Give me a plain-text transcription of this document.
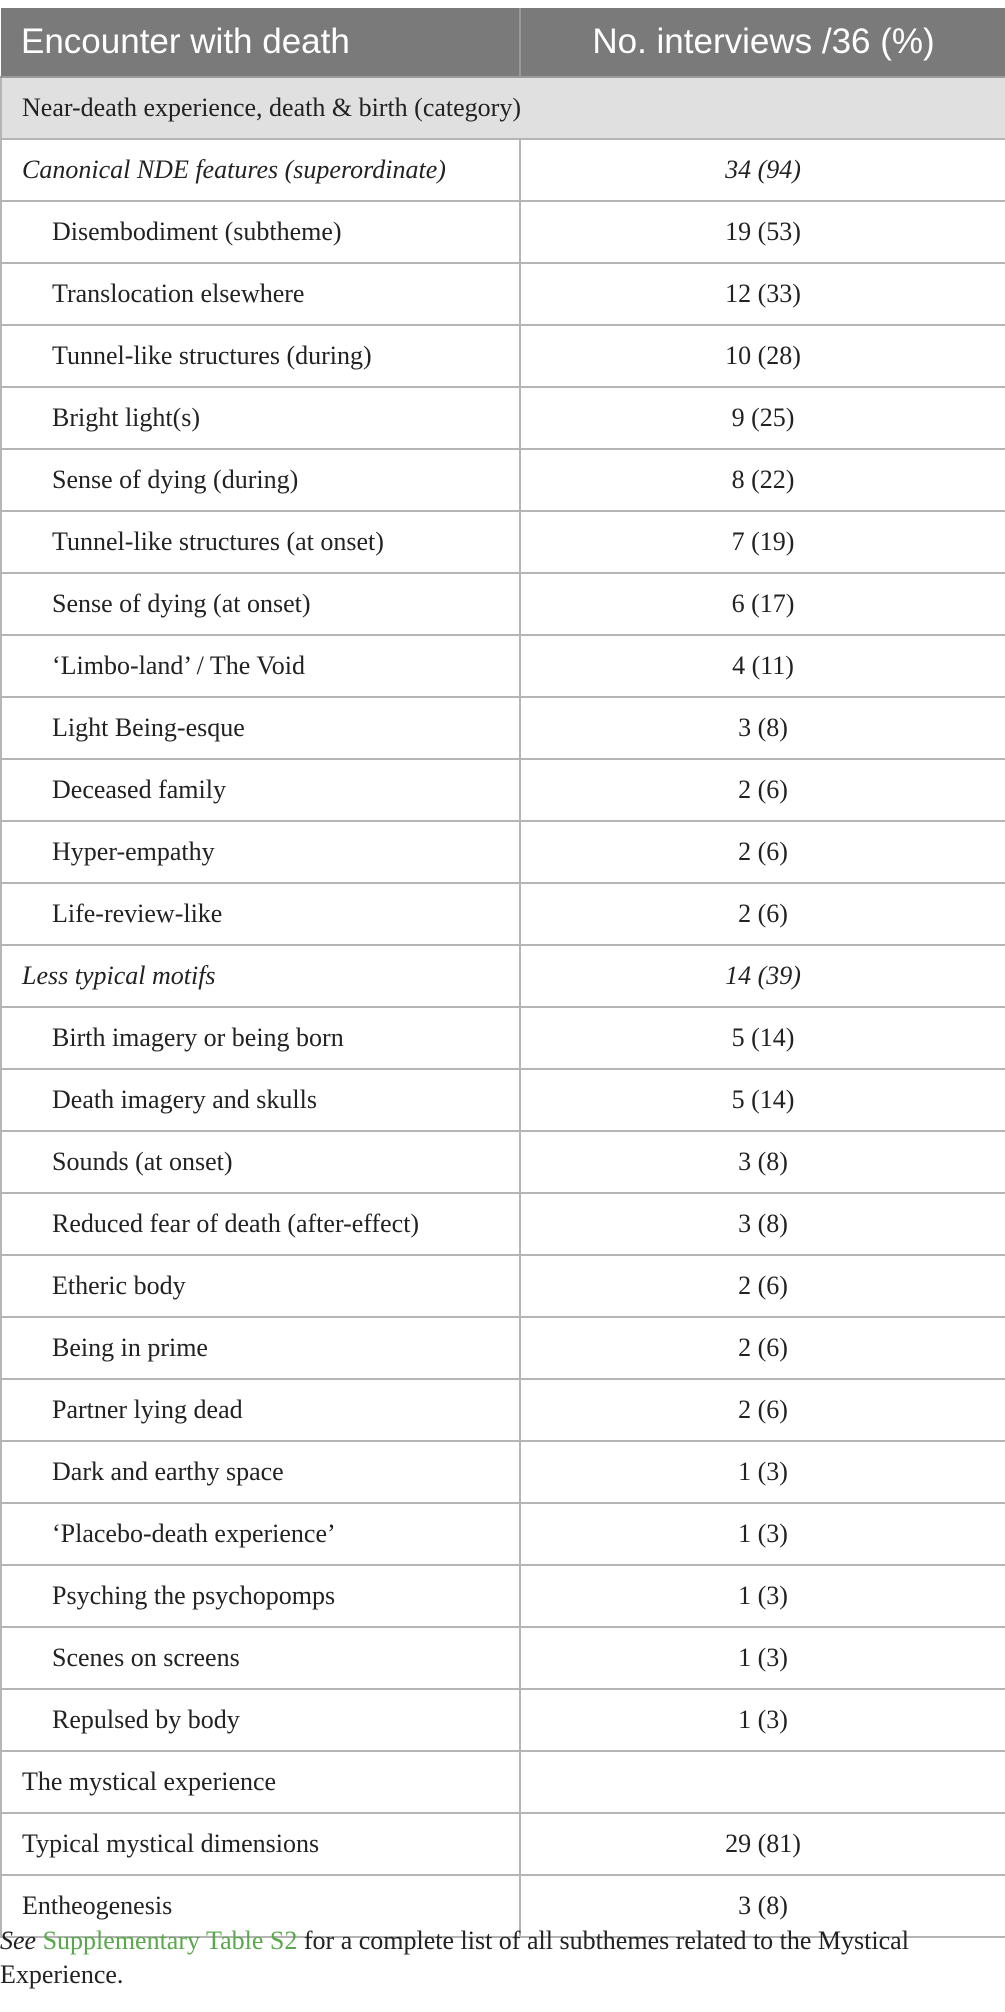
Encounter with death	No. interviews /36 (%)
Near-death experience, death & birth (category)	
Canonical NDE features (superordinate)	34 (94)
Disembodiment (subtheme)	19 (53)
Translocation elsewhere	12 (33)
Tunnel-like structures (during)	10 (28)
Bright light(s)	9 (25)
Sense of dying (during)	8 (22)
Tunnel-like structures (at onset)	7 (19)
Sense of dying (at onset)	6 (17)
‘Limbo-land’ / The Void	4 (11)
Light Being-esque	3 (8)
Deceased family	2 (6)
Hyper-empathy	2 (6)
Life-review-like	2 (6)
Less typical motifs	14 (39)
Birth imagery or being born	5 (14)
Death imagery and skulls	5 (14)
Sounds (at onset)	3 (8)
Reduced fear of death (after-effect)	3 (8)
Etheric body	2 (6)
Being in prime	2 (6)
Partner lying dead	2 (6)
Dark and earthy space	1 (3)
‘Placebo-death experience’	1 (3)
Psyching the psychopomps	1 (3)
Scenes on screens	1 (3)
Repulsed by body	1 (3)
The mystical experience	
Typical mystical dimensions	29 (81)
Entheogenesis	3 (8)
See Supplementary Table S2 for a complete list of all subthemes related to the Mystical Experience.
